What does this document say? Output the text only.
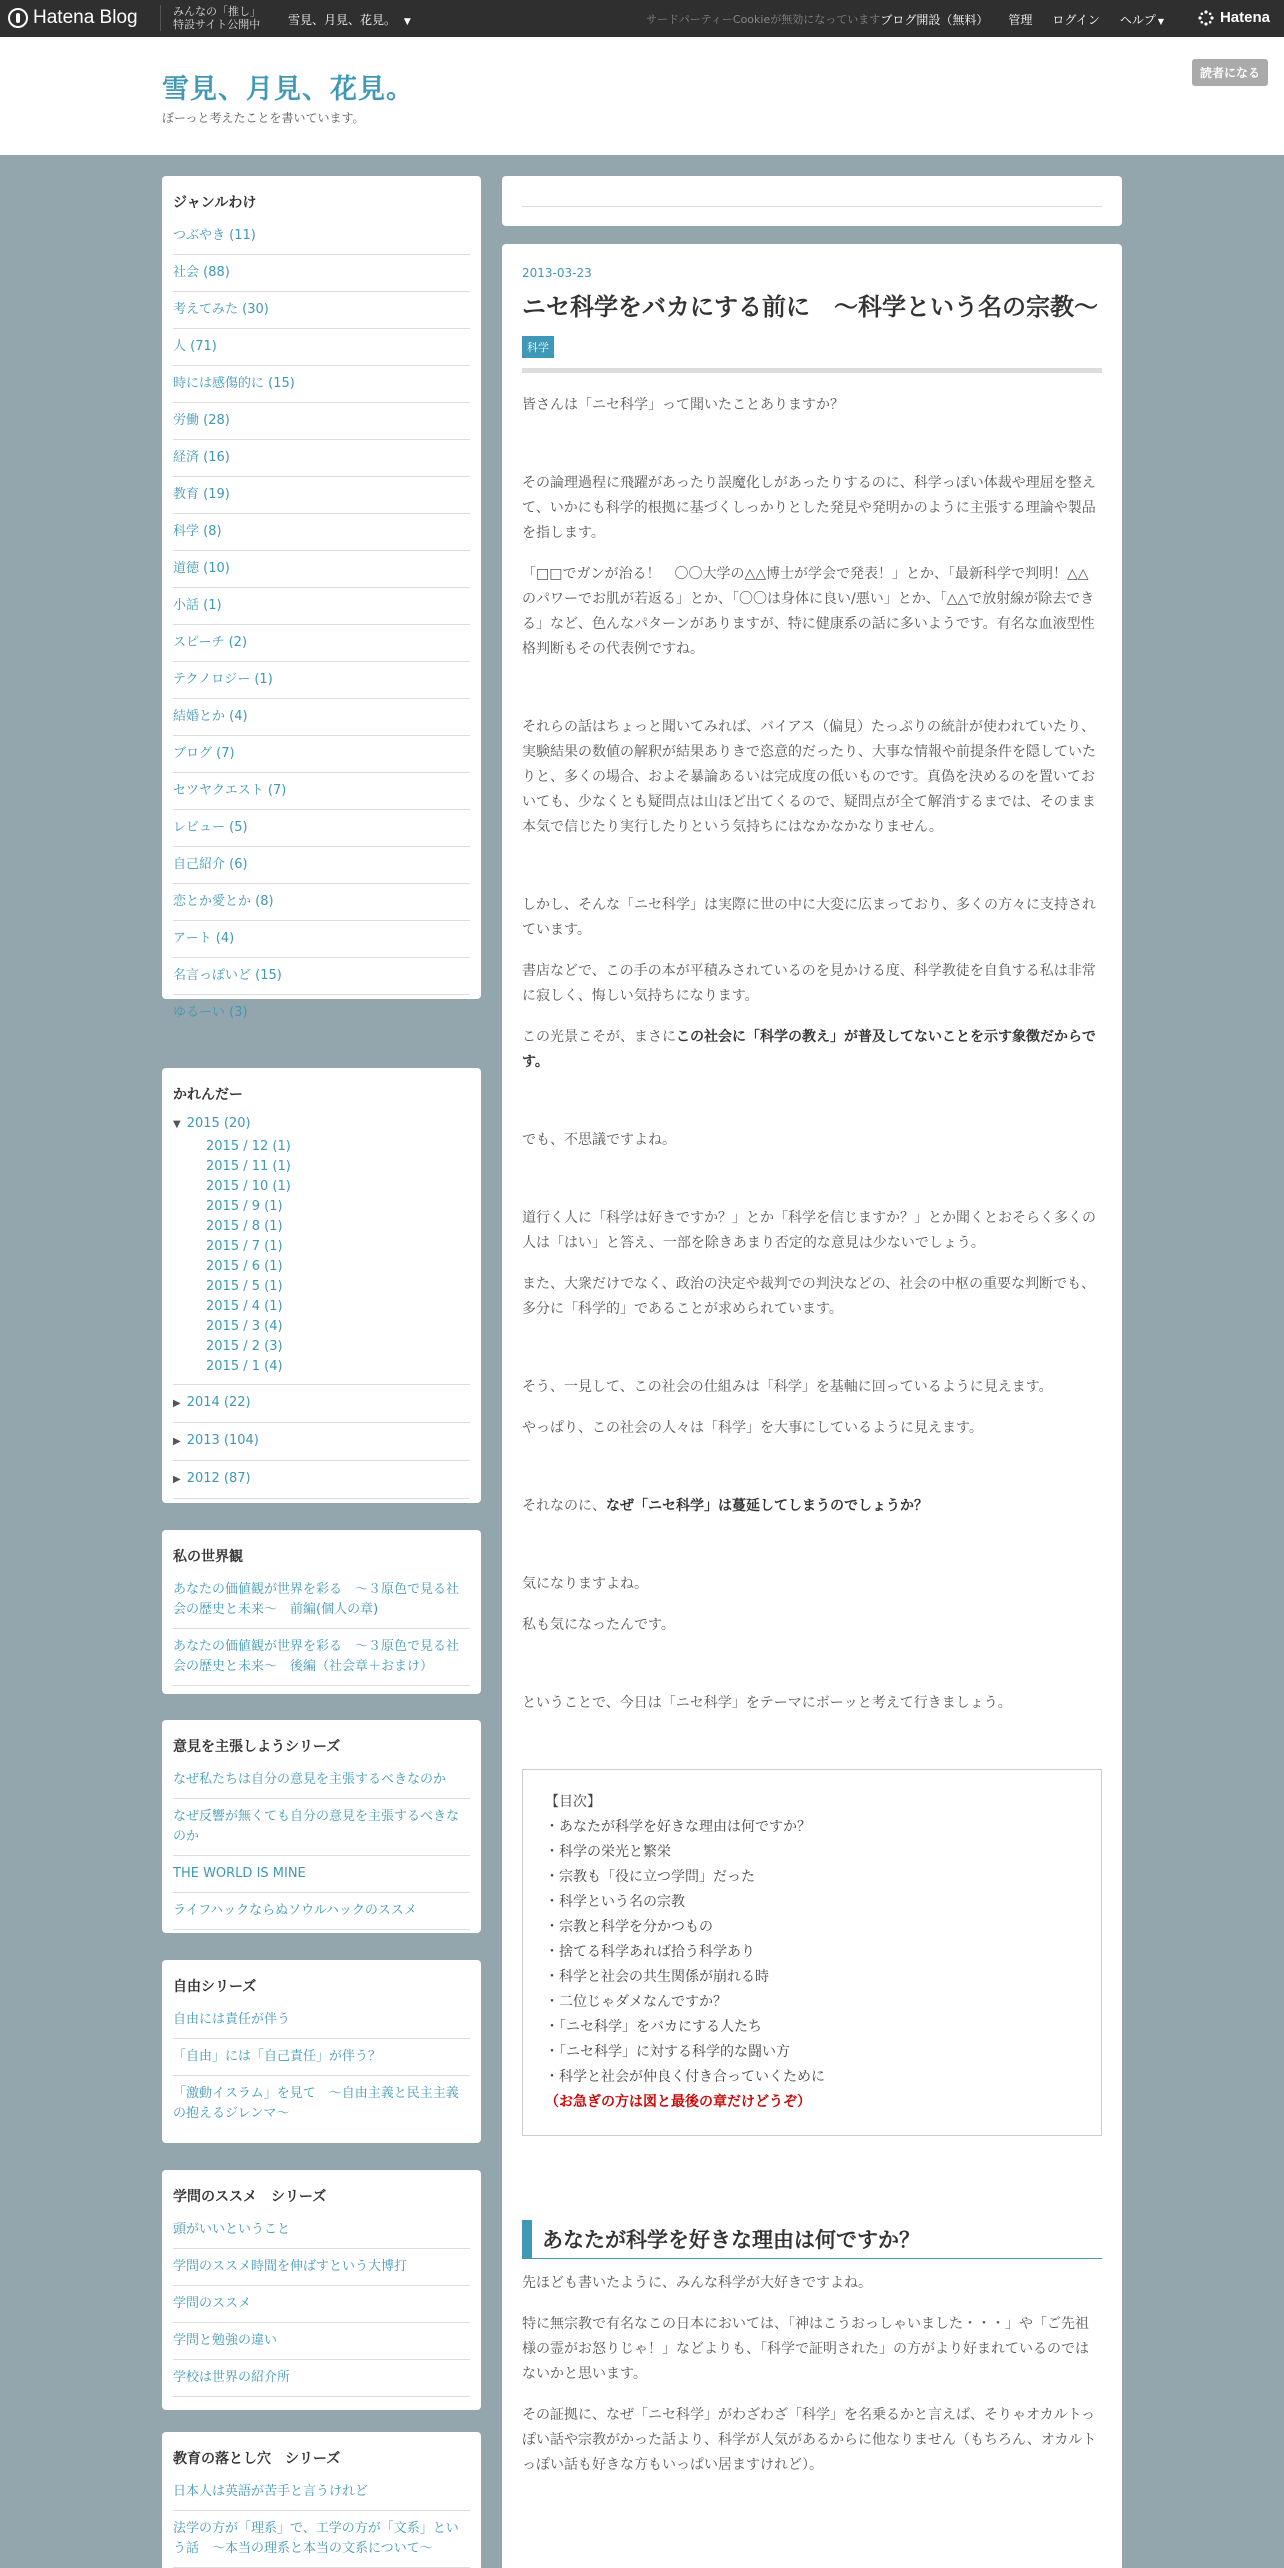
Hatena Blog	みんなの「推し」
特設サイト公開中 雪見、月見、花見。 ▼	サードパーティーCookieが無効になっています ブログ開設（無料） 管理 ログイン ヘルプ ▼	Hatena
雪見、月見、花見。
ぼーっと考えたことを書いています。
読者になる
ジャンルわけ
つぶやき (11)
社会 (88)
考えてみた (30)
人 (71)
時には感傷的に (15)
労働 (28)
経済 (16)
教育 (19)
科学 (8)
道徳 (10)
小話 (1)
スピーチ (2)
テクノロジー (1)
結婚とか (4)
ブログ (7)
セツヤクエスト (7)
レビュー (5)
自己紹介 (6)
恋とか愛とか (8)
アート (4)
名言っぽいど (15)
ゆるーい (3)
かれんだー
▼ 2015 (20)
2015 / 12 (1)
2015 / 11 (1)
2015 / 10 (1)
2015 / 9 (1)
2015 / 8 (1)
2015 / 7 (1)
2015 / 6 (1)
2015 / 5 (1)
2015 / 4 (1)
2015 / 3 (4)
2015 / 2 (3)
2015 / 1 (4)
▶ 2014 (22)
▶ 2013 (104)
▶ 2012 (87)
私の世界観
あなたの価値観が世界を彩る　～３原色で見る社会の歴史と未来～　前編(個人の章)
あなたの価値観が世界を彩る　～３原色で見る社会の歴史と未来～　後編（社会章＋おまけ）
意見を主張しようシリーズ
なぜ私たちは自分の意見を主張するべきなのか
なぜ反響が無くても自分の意見を主張するべきなのか
THE WORLD IS MINE
ライフハックならぬソウルハックのススメ
自由シリーズ
自由には責任が伴う
「自由」には「自己責任」が伴う？
「激動イスラム」を見て　～自由主義と民主主義の抱えるジレンマ～
学問のススメ　シリーズ
頭がいいということ
学問のススメ時間を伸ばすという大博打
学問のススメ
学問と勉強の違い
学校は世界の紹介所
教育の落とし穴　シリーズ
日本人は英語が苦手と言うけれど
法学の方が「理系」で、工学の方が「文系」という話　～本当の理系と本当の文系について～
2013-03-23
ニセ科学をバカにする前に　～科学という名の宗教～
科学

皆さんは「ニセ科学」って聞いたことありますか？

その論理過程に飛躍があったり誤魔化しがあったりするのに、科学っぽい体裁や理屈を整えて、いかにも科学的根拠に基づくしっかりとした発見や発明かのように主張する理論や製品を指します。

「□□でガンが治る！　〇〇大学の△△博士が学会で発表！」とか、「最新科学で判明！△△のパワーでお肌が若返る」とか、「〇〇は身体に良い/悪い」とか、「△△で放射線が除去できる」など、色んなパターンがありますが、特に健康系の話に多いようです。有名な血液型性格判断もその代表例ですね。

それらの話はちょっと聞いてみれば、バイアス（偏見）たっぷりの統計が使われていたり、実験結果の数値の解釈が結果ありきで恣意的だったり、大事な情報や前提条件を隠していたりと、多くの場合、およそ暴論あるいは完成度の低いものです。真偽を決めるのを置いておいても、少なくとも疑問点は山ほど出てくるので、疑問点が全て解消するまでは、そのまま本気で信じたり実行したりという気持ちにはなかなかなりません。

しかし、そんな「ニセ科学」は実際に世の中に大変に広まっており、多くの方々に支持されています。

書店などで、この手の本が平積みされているのを見かける度、科学教徒を自負する私は非常に寂しく、悔しい気持ちになります。

この光景こそが、まさにこの社会に「科学の教え」が普及してないことを示す象徴だからです。

でも、不思議ですよね。

道行く人に「科学は好きですか？」とか「科学を信じますか？」とか聞くとおそらく多くの人は「はい」と答え、一部を除きあまり否定的な意見は少ないでしょう。

また、大衆だけでなく、政治の決定や裁判での判決などの、社会の中枢の重要な判断でも、多分に「科学的」であることが求められています。

そう、一見して、この社会の仕組みは「科学」を基軸に回っているように見えます。

やっぱり、この社会の人々は「科学」を大事にしているように見えます。

それなのに、なぜ「ニセ科学」は蔓延してしまうのでしょうか？

気になりますよね。

私も気になったんです。

ということで、今日は「ニセ科学」をテーマにボーッと考えて行きましょう。

【目次】
・あなたが科学を好きな理由は何ですか？
・科学の栄光と繁栄
・宗教も「役に立つ学問」だった
・科学という名の宗教
・宗教と科学を分かつもの
・捨てる科学あれば拾う科学あり
・科学と社会の共生関係が崩れる時
・二位じゃダメなんですか？
・「ニセ科学」をバカにする人たち
・「ニセ科学」に対する科学的な闘い方
・科学と社会が仲良く付き合っていくために
（お急ぎの方は図と最後の章だけどうぞ）
あなたが科学を好きな理由は何ですか？

先ほども書いたように、みんな科学が大好きですよね。

特に無宗教で有名なこの日本においては、「神はこうおっしゃいました・・・」や「ご先祖様の霊がお怒りじゃ！」などよりも、「科学で証明された」の方がより好まれているのではないかと思います。

その証拠に、なぜ「ニセ科学」がわざわざ「科学」を名乗るかと言えば、そりゃオカルトっぽい話や宗教がかった話より、科学が人気があるからに他なりません（もちろん、オカルトっぽい話も好きな方もいっぱい居ますけれど）。
